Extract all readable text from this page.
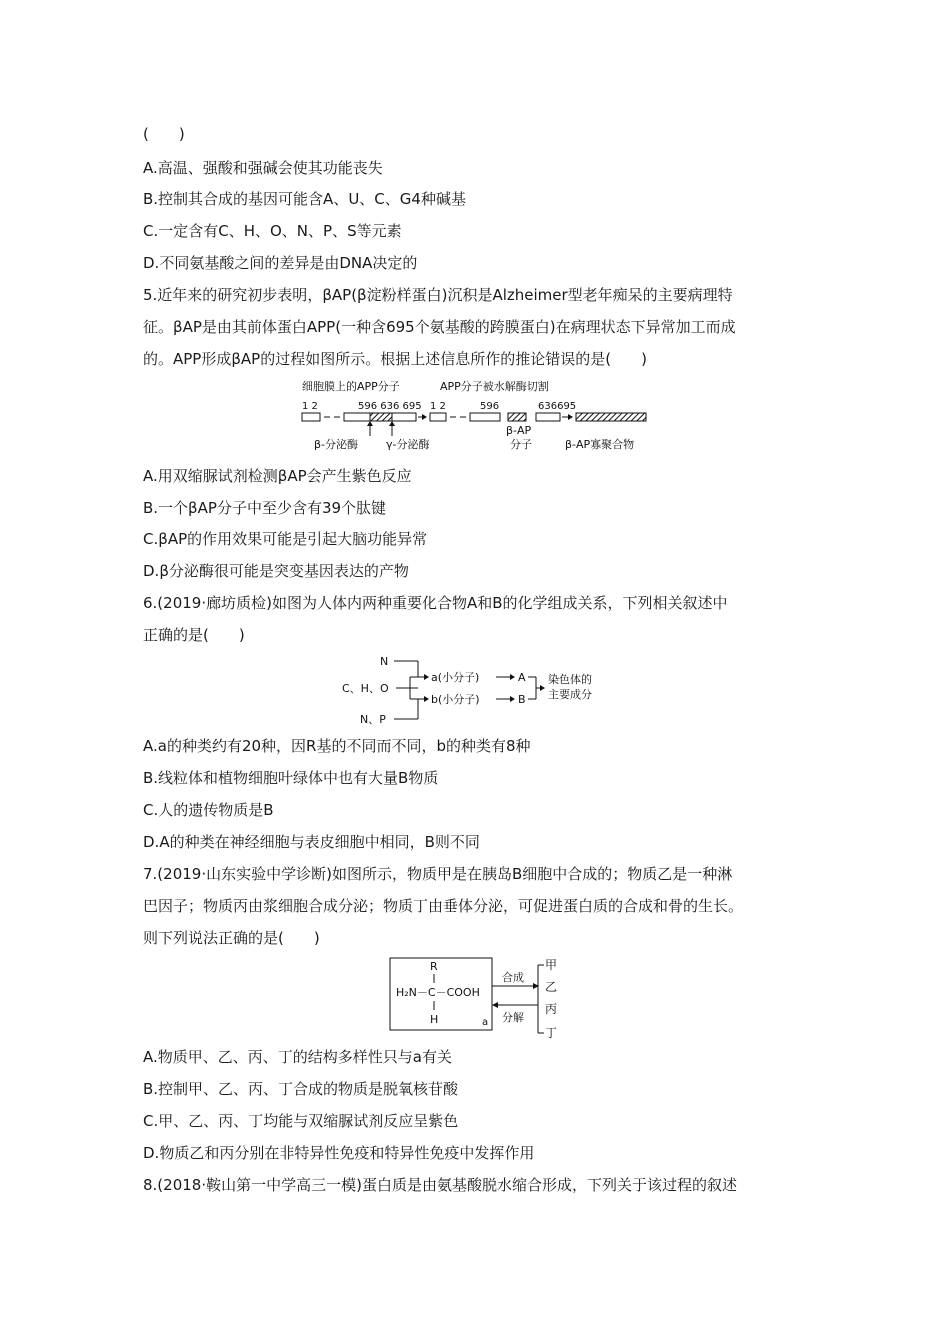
(　　)
A.高温、强酸和强碱会使其功能丧失
B.控制其合成的基因可能含A、U、C、G4种碱基
C.一定含有C、H、O、N、P、S等元素
D.不同氨基酸之间的差异是由DNA决定的
5.近年来的研究初步表明，βAP(β淀粉样蛋白)沉积是Alzheimer型老年痴呆的主要病理特
征。βAP是由其前体蛋白APP(一种含695个氨基酸的跨膜蛋白)在病理状态下异常加工而成
的。APP形成βAP的过程如图所示。根据上述信息所作的推论错误的是(　　)
细胞膜上的APP分子	APP分子被水解酶切割
1 2	596 636 695 1 2	596	636695
β-分泌酶	γ-分泌酶
β-AP
分子	β-AP寡聚合物
A.用双缩脲试剂检测βAP会产生紫色反应
B.一个βAP分子中至少含有39个肽键
C.βAP的作用效果可能是引起大脑功能异常
D.β分泌酶很可能是突变基因表达的产物
6.(2019·廊坊质检)如图为人体内两种重要化合物A和B的化学组成关系，下列相关叙述中
正确的是(　　)
N
C、H、O
N、P
a(小分子)
b(小分子)
A
B
染色体的
主要成分
A.a的种类约有20种，因R基的不同而不同，b的种类有8种
B.线粒体和植物细胞叶绿体中也有大量B物质
C.人的遗传物质是B
D.A的种类在神经细胞与表皮细胞中相同，B则不同
7.(2019·山东实验中学诊断)如图所示，物质甲是在胰岛B细胞中合成的；物质乙是一种淋
巴因子；物质丙由浆细胞合成分泌；物质丁由垂体分泌，可促进蛋白质的合成和骨的生长。
则下列说法正确的是(　　)
R
H₂N－C－COOH
H	a
合成
分解
甲
乙
丙
丁
A.物质甲、乙、丙、丁的结构多样性只与a有关
B.控制甲、乙、丙、丁合成的物质是脱氧核苷酸
C.甲、乙、丙、丁均能与双缩脲试剂反应呈紫色
D.物质乙和丙分别在非特异性免疫和特异性免疫中发挥作用
8.(2018·鞍山第一中学高三一模)蛋白质是由氨基酸脱水缩合形成，下列关于该过程的叙述
